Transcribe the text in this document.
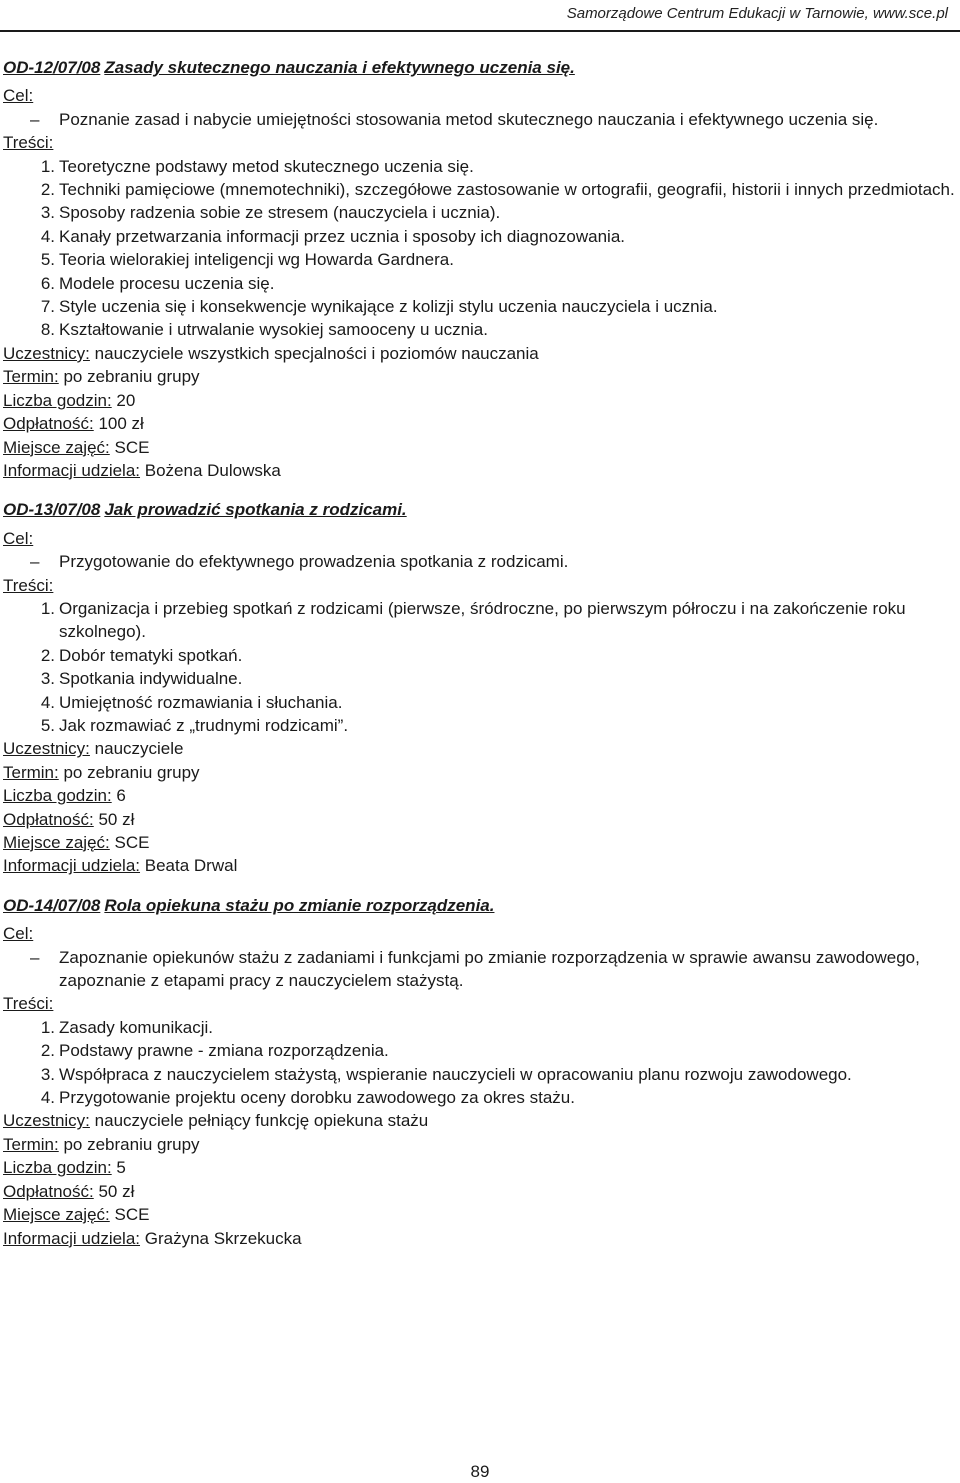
Samorządowe Centrum Edukacji w Tarnowie, www.sce.pl
OD-12/07/08 Zasady skutecznego nauczania i efektywnego uczenia się.
Cel:
–	Poznanie zasad i nabycie umiejętności stosowania metod skutecznego nauczania i efektywnego uczenia się.
Treści:
1. Teoretyczne podstawy metod skutecznego uczenia się.
2. Techniki pamięciowe (mnemotechniki), szczegółowe zastosowanie w ortografii, geografii, historii i innych przedmiotach.
3. Sposoby radzenia sobie ze stresem (nauczyciela i ucznia).
4. Kanały przetwarzania informacji przez ucznia i sposoby ich diagnozowania.
5. Teoria wielorakiej inteligencji wg Howarda Gardnera.
6. Modele procesu uczenia się.
7. Style uczenia się i konsekwencje wynikające z kolizji stylu uczenia nauczyciela i ucznia.
8. Kształtowanie i utrwalanie wysokiej samooceny u ucznia.
Uczestnicy: nauczyciele wszystkich specjalności i poziomów nauczania
Termin: po zebraniu grupy
Liczba godzin: 20
Odpłatność: 100 zł
Miejsce zajęć: SCE
Informacji udziela: Bożena Dulowska
OD-13/07/08 Jak prowadzić spotkania z rodzicami.
Cel:
–	Przygotowanie do efektywnego prowadzenia spotkania z rodzicami.
Treści:
1. Organizacja i przebieg spotkań z rodzicami (pierwsze, śródroczne, po pierwszym półroczu i na zakończenie roku szkolnego).
2. Dobór tematyki spotkań.
3. Spotkania indywidualne.
4. Umiejętność rozmawiania i słuchania.
5. Jak rozmawiać z „trudnymi rodzicami”.
Uczestnicy: nauczyciele
Termin: po zebraniu grupy
Liczba godzin: 6
Odpłatność: 50 zł
Miejsce zajęć: SCE
Informacji udziela: Beata Drwal
OD-14/07/08 Rola opiekuna stażu po zmianie rozporządzenia.
Cel:
–	Zapoznanie opiekunów stażu z zadaniami i funkcjami po zmianie rozporządzenia w sprawie awansu zawodowego, zapoznanie z etapami pracy z nauczycielem stażystą.
Treści:
1. Zasady komunikacji.
2. Podstawy prawne - zmiana rozporządzenia.
3. Współpraca z nauczycielem stażystą, wspieranie nauczycieli w opracowaniu planu rozwoju zawodowego.
4. Przygotowanie projektu oceny dorobku zawodowego za okres stażu.
Uczestnicy: nauczyciele pełniący funkcję opiekuna stażu
Termin: po zebraniu grupy
Liczba godzin: 5
Odpłatność: 50 zł
Miejsce zajęć: SCE
Informacji udziela: Grażyna Skrzekucka
89
